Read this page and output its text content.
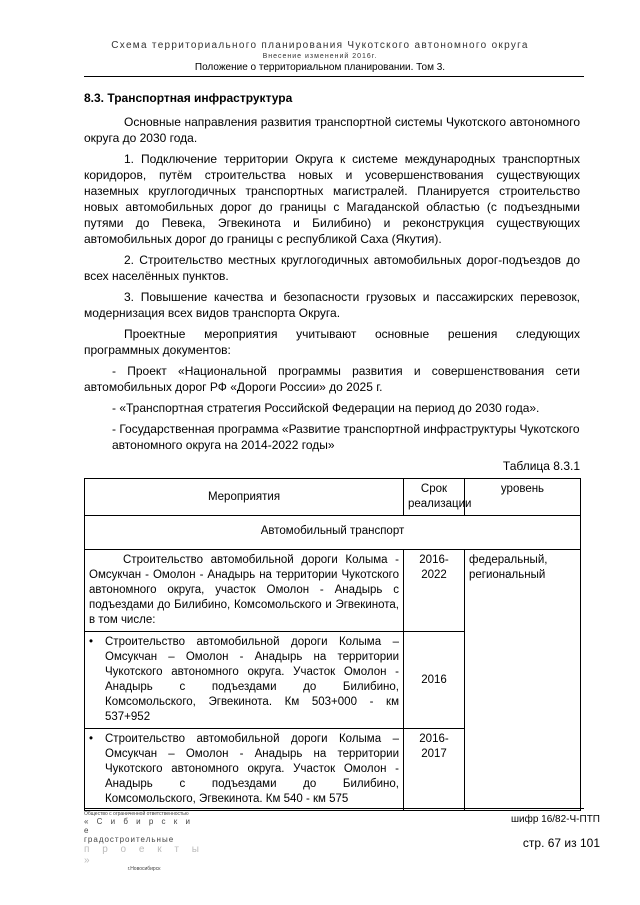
Схема территориального планирования Чукотского автономного округа
Внесение изменений 2016г.
Положение о территориальном планировании. Том 3.

8.3. Транспортная инфраструктура

Основные направления развития транспортной системы Чукотского автономного округа до 2030 года.

1. Подключение территории Округа к системе международных транспортных коридоров, путём строительства новых и усовершенствования существующих наземных круглогодичных транспортных магистралей. Планируется строительство новых автомобильных дорог до границы с Магаданской областью (с подъездными путями до Певека, Эгвекинота и Билибино) и реконструкция существующих автомобильных дорог до границы с республикой Саха (Якутия).

2. Строительство местных круглогодичных автомобильных дорог-подъездов до всех населённых пунктов.

3. Повышение качества и безопасности грузовых и пассажирских перевозок, модернизация всех видов транспорта Округа.

Проектные мероприятия учитывают основные решения следующих программных документов:

- Проект «Национальной программы развития и совершенствования сети автомобильных дорог РФ «Дороги России» до 2025 г.

- «Транспортная стратегия Российской Федерации на период до 2030 года».

- Государственная программа «Развитие транспортной инфраструктуры Чукотского автономного округа на 2014-2022 годы»

Таблица 8.3.1
Мероприятия	Срок реализации	уровень
Автомобильный транспорт		
Строительство автомобильной дороги Колыма - Омсукчан - Омолон - Анадырь на территории Чукотского автономного округа, участок Омолон - Анадырь с подъездами до Билибино, Комсомольского и Эгвекинота, в том числе:	2016-2022	федеральный, региональный

• Строительство автомобильной дороги Колыма – Омсукчан – Омолон - Анадырь на территории Чукотского автономного округа. Участок Омолон - Анадырь с подъездами до Билибино, Комсомольского, Эгвекинота. Км 503+000 - км 537+952	2016	

• Строительство автомобильной дороги Колыма – Омсукчан – Омолон - Анадырь на территории Чукотского автономного округа. Участок Омолон - Анадырь с подъездами до Билибино, Комсомольского, Эгвекинота. Км 540 - км 575	2016-2017	
Общество с ограниченной ответственностью
« С и б и р с к и е
градостроительные
п р о е к т ы »
г.Новосибирск
шифр 16/82-Ч-ПТП
стр. 67 из 101
